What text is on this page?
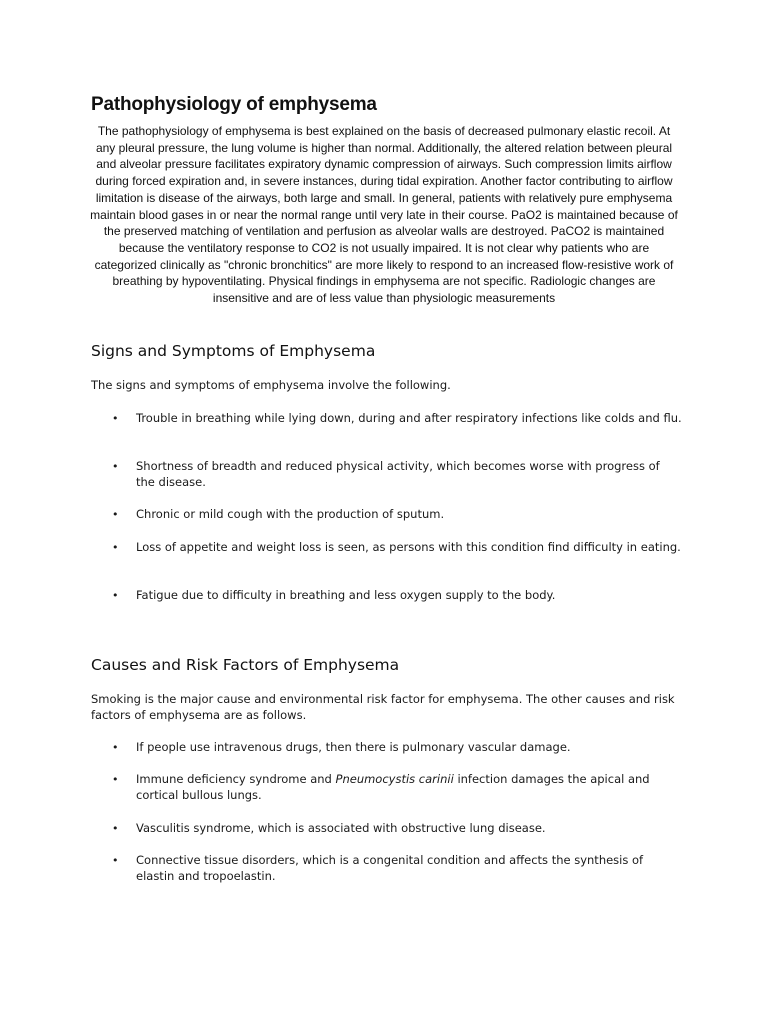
Pathophysiology of emphysema

The pathophysiology of emphysema is best explained on the basis of decreased pulmonary elastic recoil. At any pleural pressure, the lung volume is higher than normal. Additionally, the altered relation between pleural and alveolar pressure facilitates expiratory dynamic compression of airways. Such compression limits airflow during forced expiration and, in severe instances, during tidal expiration. Another factor contributing to airflow limitation is disease of the airways, both large and small. In general, patients with relatively pure emphysema maintain blood gases in or near the normal range until very late in their course. PaO2 is maintained because of the preserved matching of ventilation and perfusion as alveolar walls are destroyed. PaCO2 is maintained because the ventilatory response to CO2 is not usually impaired. It is not clear why patients who are categorized clinically as "chronic bronchitics" are more likely to respond to an increased flow-resistive work of breathing by hypoventilating. Physical findings in emphysema are not specific. Radiologic changes are insensitive and are of less value than physiologic measurements

Signs and Symptoms of Emphysema

The signs and symptoms of emphysema involve the following.

•	Trouble in breathing while lying down, during and after respiratory infections like colds and flu.
•	Shortness of breadth and reduced physical activity, which becomes worse with progress of the disease.
•	Chronic or mild cough with the production of sputum.
•	Loss of appetite and weight loss is seen, as persons with this condition find difficulty in eating.
•	Fatigue due to difficulty in breathing and less oxygen supply to the body.
Causes and Risk Factors of Emphysema

Smoking is the major cause and environmental risk factor for emphysema. The other causes and risk factors of emphysema are as follows.

•	If people use intravenous drugs, then there is pulmonary vascular damage.
•	Immune deficiency syndrome and Pneumocystis carinii infection damages the apical and cortical bullous lungs.
•	Vasculitis syndrome, which is associated with obstructive lung disease.
•	Connective tissue disorders, which is a congenital condition and affects the synthesis of elastin and tropoelastin.
